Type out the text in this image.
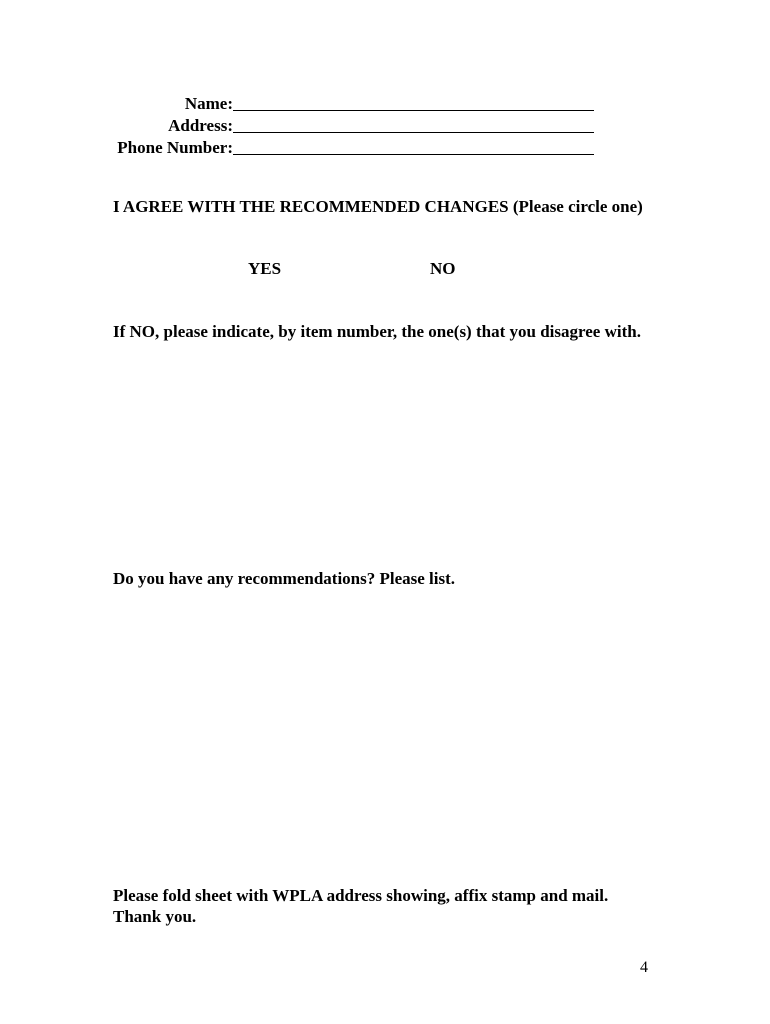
Name:
Address:
Phone Number:
I AGREE WITH THE RECOMMENDED CHANGES (Please circle one)
YES	NO
If NO, please indicate, by item number, the one(s) that you disagree with.
Do you have any recommendations? Please list.
Please fold sheet with WPLA address showing, affix stamp and mail. Thank you.
4
